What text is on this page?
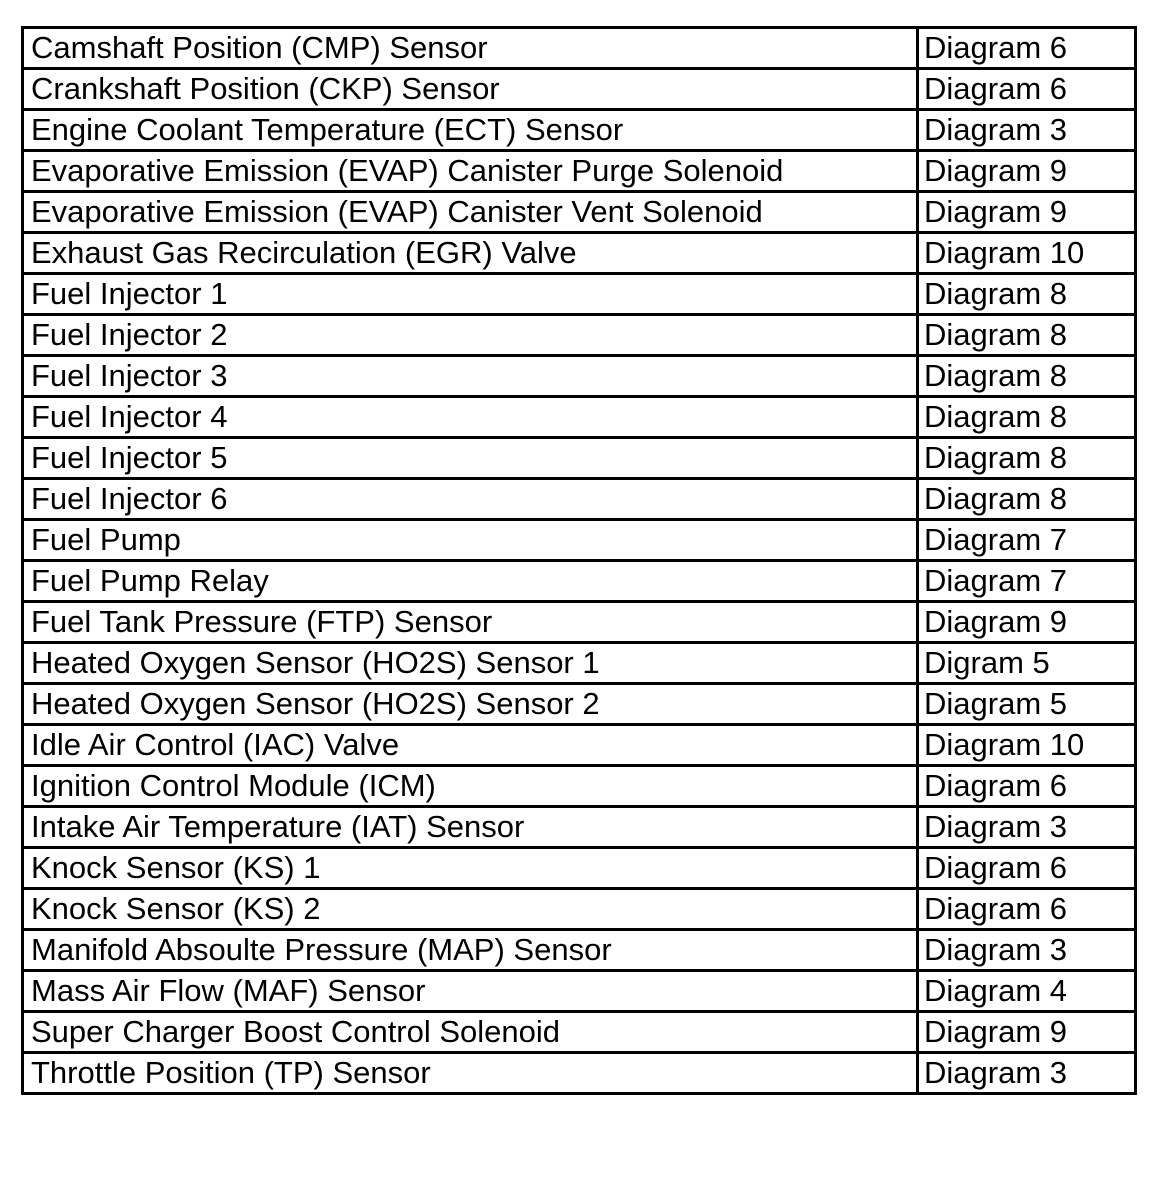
Camshaft Position (CMP) Sensor	Diagram 6
Crankshaft Position (CKP) Sensor	Diagram 6
Engine Coolant Temperature (ECT) Sensor	Diagram 3
Evaporative Emission (EVAP) Canister Purge Solenoid	Diagram 9
Evaporative Emission (EVAP) Canister Vent Solenoid	Diagram 9
Exhaust Gas Recirculation (EGR) Valve	Diagram 10
Fuel Injector 1	Diagram 8
Fuel Injector 2	Diagram 8
Fuel Injector 3	Diagram 8
Fuel Injector 4	Diagram 8
Fuel Injector 5	Diagram 8
Fuel Injector 6	Diagram 8
Fuel Pump	Diagram 7
Fuel Pump Relay	Diagram 7
Fuel Tank Pressure (FTP) Sensor	Diagram 9
Heated Oxygen Sensor (HO2S) Sensor 1	Digram 5
Heated Oxygen Sensor (HO2S) Sensor 2	Diagram 5
Idle Air Control (IAC) Valve	Diagram 10
Ignition Control Module (ICM)	Diagram 6
Intake Air Temperature (IAT) Sensor	Diagram 3
Knock Sensor (KS) 1	Diagram 6
Knock Sensor (KS) 2	Diagram 6
Manifold Absoulte Pressure (MAP) Sensor	Diagram 3
Mass Air Flow (MAF) Sensor	Diagram 4
Super Charger Boost Control Solenoid	Diagram 9
Throttle Position (TP) Sensor	Diagram 3
